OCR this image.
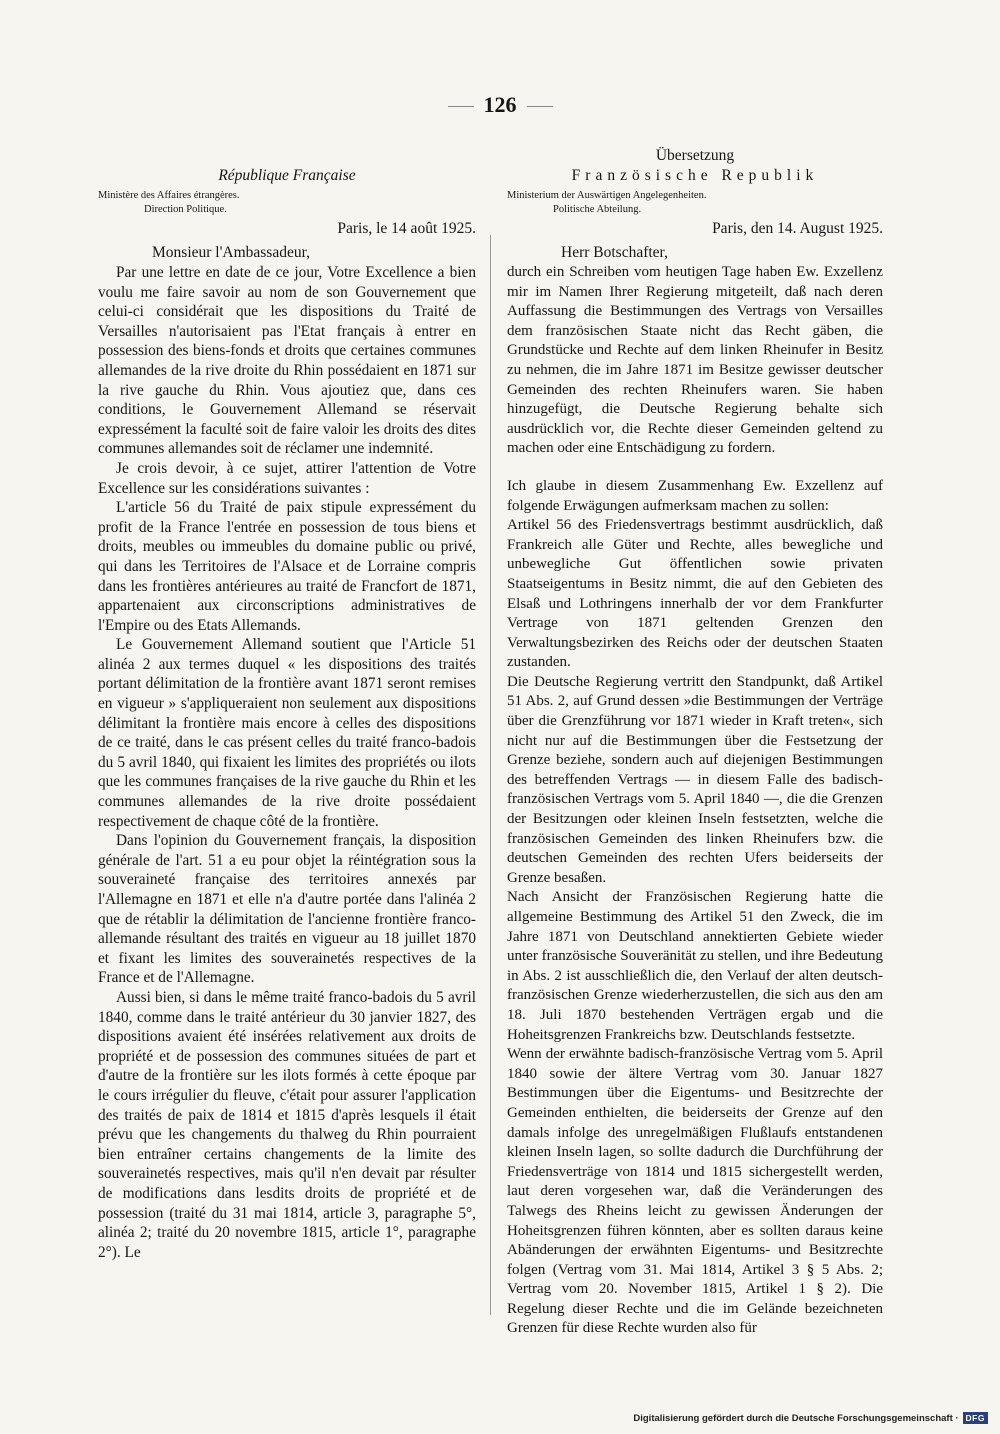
126

République Française

Ministère des Affaires étrangères.
Direction Politique.

Paris, le 14 août 1925.

Monsieur l'Ambassadeur,

Par une lettre en date de ce jour, Votre Excellence a bien voulu me faire savoir au nom de son Gouvernement que celui-ci considérait que les dispositions du Traité de Versailles n'autorisaient pas l'Etat français à entrer en possession des biens-fonds et droits que certaines communes allemandes de la rive droite du Rhin possédaient en 1871 sur la rive gauche du Rhin. Vous ajoutiez que, dans ces conditions, le Gouvernement Allemand se réservait expressément la faculté soit de faire valoir les droits des dites communes allemandes soit de réclamer une indemnité.

Je crois devoir, à ce sujet, attirer l'attention de Votre Excellence sur les considérations suivantes :

L'article 56 du Traité de paix stipule expressément du profit de la France l'entrée en possession de tous biens et droits, meubles ou immeubles du domaine public ou privé, qui dans les Territoires de l'Alsace et de Lorraine compris dans les frontières antérieures au traité de Francfort de 1871, appartenaient aux circonscriptions administratives de l'Empire ou des Etats Allemands.

Le Gouvernement Allemand soutient que l'Article 51 alinéa 2 aux termes duquel « les dispositions des traités portant délimitation de la frontière avant 1871 seront remises en vigueur » s'appliqueraient non seulement aux dispositions délimitant la frontière mais encore à celles des dispositions de ce traité, dans le cas présent celles du traité franco-badois du 5 avril 1840, qui fixaient les limites des propriétés ou ilots que les communes françaises de la rive gauche du Rhin et les communes allemandes de la rive droite possédaient respectivement de chaque côté de la frontière.

Dans l'opinion du Gouvernement français, la disposition générale de l'art. 51 a eu pour objet la réintégration sous la souveraineté française des territoires annexés par l'Allemagne en 1871 et elle n'a d'autre portée dans l'alinéa 2 que de rétablir la délimitation de l'ancienne frontière franco-allemande résultant des traités en vigueur au 18 juillet 1870 et fixant les limites des souverainetés respectives de la France et de l'Allemagne.

Aussi bien, si dans le même traité franco-badois du 5 avril 1840, comme dans le traité antérieur du 30 janvier 1827, des dispositions avaient été insérées relativement aux droits de propriété et de possession des communes situées de part et d'autre de la frontière sur les ilots formés à cette époque par le cours irrégulier du fleuve, c'était pour assurer l'application des traités de paix de 1814 et 1815 d'après lesquels il était prévu que les changements du thalweg du Rhin pourraient bien entraîner certains changements de la limite des souverainetés respectives, mais qu'il n'en devait par résulter de modifications dans lesdits droits de propriété et de possession (traité du 31 mai 1814, article 3, paragraphe 5°, alinéa 2; traité du 20 novembre 1815, article 1°, paragraphe 2°). Le

Übersetzung

Französische Republik

Ministerium der Auswärtigen Angelegenheiten.
Politische Abteilung.

Paris, den 14. August 1925.

Herr Botschafter,

durch ein Schreiben vom heutigen Tage haben Ew. Exzellenz mir im Namen Ihrer Regierung mitgeteilt, daß nach deren Auffassung die Bestimmungen des Vertrags von Versailles dem französischen Staate nicht das Recht gäben, die Grundstücke und Rechte auf dem linken Rheinufer in Besitz zu nehmen, die im Jahre 1871 im Besitze gewisser deutscher Gemeinden des rechten Rheinufers waren. Sie haben hinzugefügt, die Deutsche Regierung behalte sich ausdrücklich vor, die Rechte dieser Gemeinden geltend zu machen oder eine Entschädigung zu fordern.

Ich glaube in diesem Zusammenhang Ew. Exzellenz auf folgende Erwägungen aufmerksam machen zu sollen:

Artikel 56 des Friedensvertrags bestimmt ausdrücklich, daß Frankreich alle Güter und Rechte, alles bewegliche und unbewegliche Gut öffentlichen sowie privaten Staatseigentums in Besitz nimmt, die auf den Gebieten des Elsaß und Lothringens innerhalb der vor dem Frankfurter Vertrage von 1871 geltenden Grenzen den Verwaltungsbezirken des Reichs oder der deutschen Staaten zustanden.

Die Deutsche Regierung vertritt den Standpunkt, daß Artikel 51 Abs. 2, auf Grund dessen »die Bestimmungen der Verträge über die Grenzführung vor 1871 wieder in Kraft treten«, sich nicht nur auf die Bestimmungen über die Festsetzung der Grenze beziehe, sondern auch auf diejenigen Bestimmungen des betreffenden Vertrags — in diesem Falle des badisch-französischen Vertrags vom 5. April 1840 —, die die Grenzen der Besitzungen oder kleinen Inseln festsetzten, welche die französischen Gemeinden des linken Rheinufers bzw. die deutschen Gemeinden des rechten Ufers beiderseits der Grenze besaßen.

Nach Ansicht der Französischen Regierung hatte die allgemeine Bestimmung des Artikel 51 den Zweck, die im Jahre 1871 von Deutschland annektierten Gebiete wieder unter französische Souveränität zu stellen, und ihre Bedeutung in Abs. 2 ist ausschließlich die, den Verlauf der alten deutsch-französischen Grenze wiederherzustellen, die sich aus den am 18. Juli 1870 bestehenden Verträgen ergab und die Hoheitsgrenzen Frankreichs bzw. Deutschlands festsetzte.

Wenn der erwähnte badisch-französische Vertrag vom 5. April 1840 sowie der ältere Vertrag vom 30. Januar 1827 Bestimmungen über die Eigentums- und Besitzrechte der Gemeinden enthielten, die beiderseits der Grenze auf den damals infolge des unregelmäßigen Flußlaufs entstandenen kleinen Inseln lagen, so sollte dadurch die Durchführung der Friedensverträge von 1814 und 1815 sichergestellt werden, laut deren vorgesehen war, daß die Veränderungen des Talwegs des Rheins leicht zu gewissen Änderungen der Hoheitsgrenzen führen könnten, aber es sollten daraus keine Abänderungen der erwähnten Eigentums- und Besitzrechte folgen (Vertrag vom 31. Mai 1814, Artikel 3 § 5 Abs. 2; Vertrag vom 20. November 1815, Artikel 1 § 2). Die Regelung dieser Rechte und die im Gelände bezeichneten Grenzen für diese Rechte wurden also für

Digitalisierung gefördert durch die Deutsche Forschungsgemeinschaft · DFG
